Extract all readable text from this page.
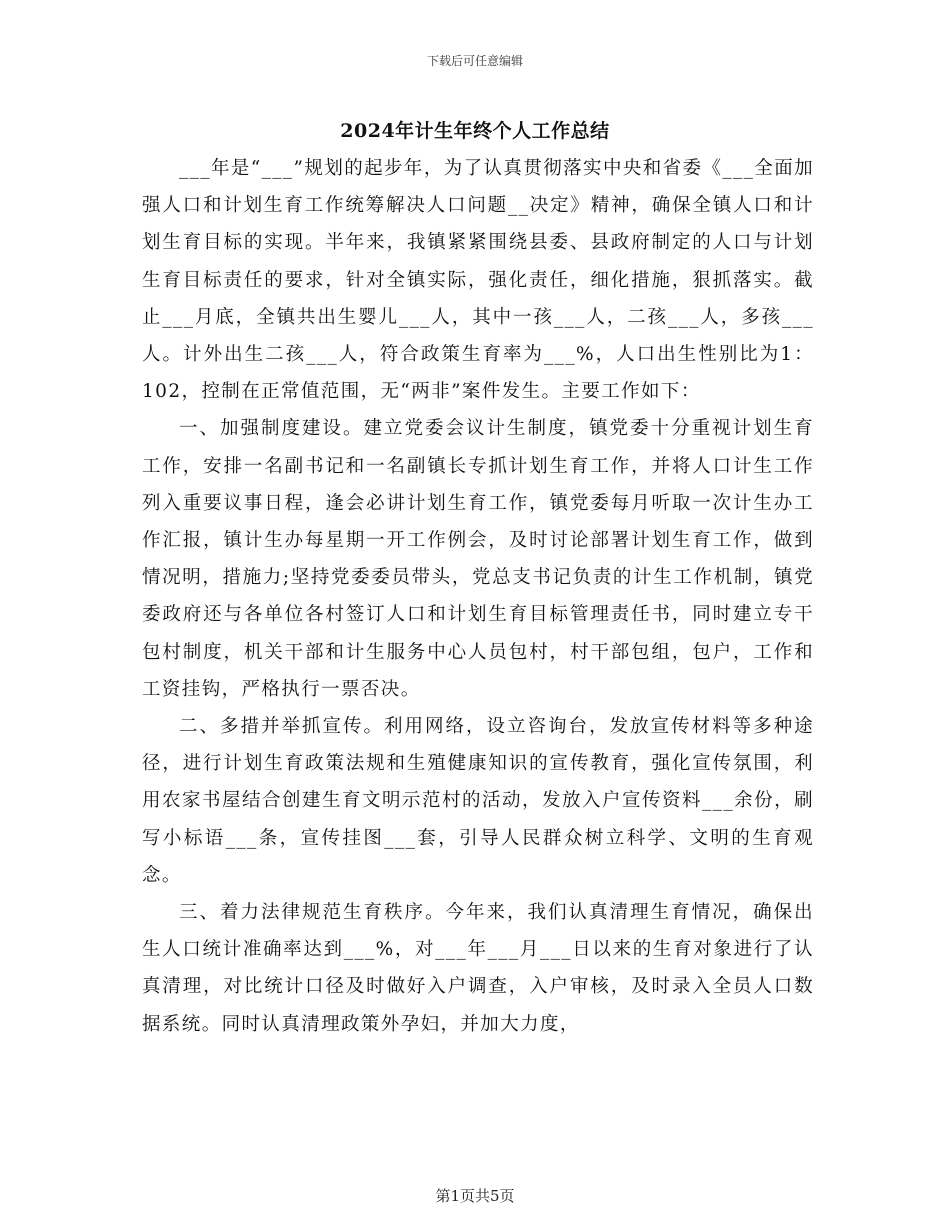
下载后可任意编辑
2024年计生年终个人工作总结

___年是“___”规划的起步年，为了认真贯彻落实中央和省委《___全面加强人口和计划生育工作统筹解决人口问题__决定》精神，确保全镇人口和计划生育目标的实现。半年来，我镇紧紧围绕县委、县政府制定的人口与计划生育目标责任的要求，针对全镇实际，强化责任，细化措施，狠抓落实。截止___月底，全镇共出生婴儿___人，其中一孩___人，二孩___人，多孩___人。计外出生二孩___人，符合政策生育率为___%，人口出生性别比为1：102，控制在正常值范围，无“两非”案件发生。主要工作如下：

一、加强制度建设。建立党委会议计生制度，镇党委十分重视计划生育工作，安排一名副书记和一名副镇长专抓计划生育工作，并将人口计生工作列入重要议事日程，逢会必讲计划生育工作，镇党委每月听取一次计生办工作汇报，镇计生办每星期一开工作例会，及时讨论部署计划生育工作，做到情况明，措施力;坚持党委委员带头，党总支书记负责的计生工作机制，镇党委政府还与各单位各村签订人口和计划生育目标管理责任书，同时建立专干包村制度，机关干部和计生服务中心人员包村，村干部包组，包户，工作和工资挂钩，严格执行一票否决。

二、多措并举抓宣传。利用网络，设立咨询台，发放宣传材料等多种途径，进行计划生育政策法规和生殖健康知识的宣传教育，强化宣传氛围，利用农家书屋结合创建生育文明示范村的活动，发放入户宣传资料___余份，刷写小标语___条，宣传挂图___套，引导人民群众树立科学、文明的生育观念。

三、着力法律规范生育秩序。今年来，我们认真清理生育情况，确保出生人口统计准确率达到___%，对___年___月___日以来的生育对象进行了认真清理，对比统计口径及时做好入户调查，入户审核，及时录入全员人口数据系统。同时认真清理政策外孕妇，并加大力度，

第1页共5页
